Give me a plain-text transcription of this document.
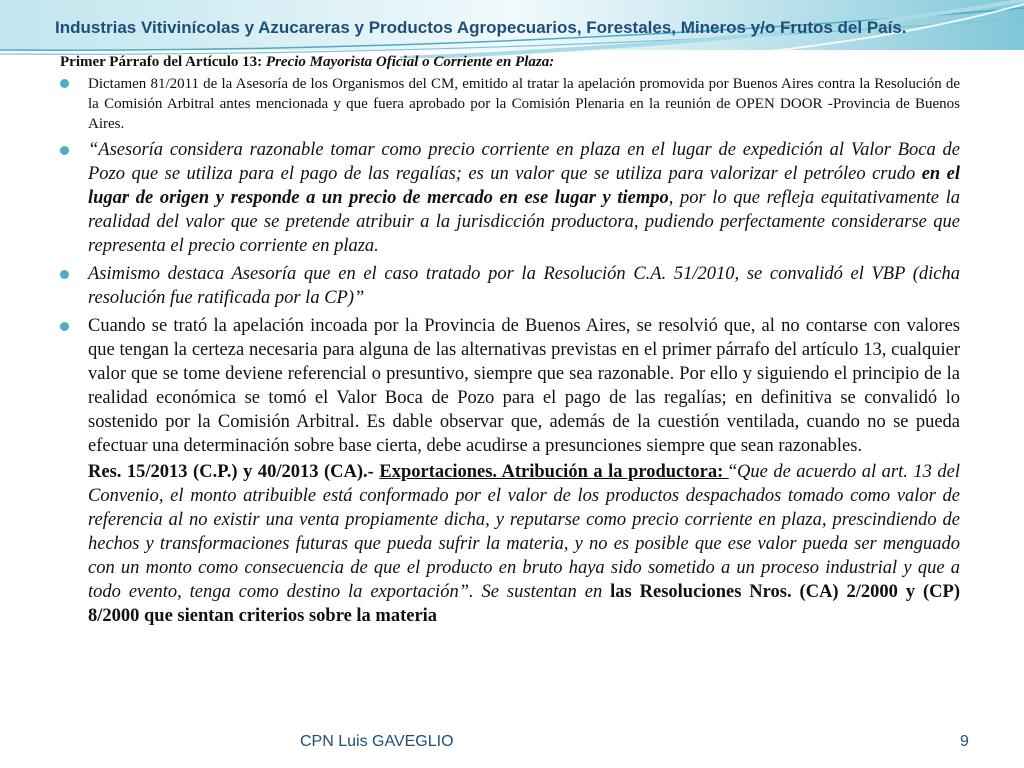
Industrias Vitivinícolas y Azucareras y Productos Agropecuarios, Forestales, Mineros y/o Frutos del País.
Primer Párrafo del Artículo 13: Precio Mayorista Oficial o Corriente en Plaza:
Dictamen 81/2011 de la Asesoría de los Organismos del CM, emitido al tratar la apelación promovida por Buenos Aires contra la Resolución de la Comisión Arbitral antes mencionada y que fuera aprobado por la Comisión Plenaria en la reunión de OPEN DOOR -Provincia de Buenos Aires.
“Asesoría considera razonable tomar como precio corriente en plaza en el lugar de expedición al Valor Boca de Pozo que se utiliza para el pago de las regalías; es un valor que se utiliza para valorizar el petróleo crudo en el lugar de origen y responde a un precio de mercado en ese lugar y tiempo, por lo que refleja equitativamente la realidad del valor que se pretende atribuir a la jurisdicción productora, pudiendo perfectamente considerarse que representa el precio corriente en plaza.
Asimismo destaca Asesoría que en el caso tratado por la Resolución C.A. 51/2010, se convalidó el VBP (dicha resolución fue ratificada por la CP)”
Cuando se trató la apelación incoada por la Provincia de Buenos Aires, se resolvió que, al no contarse con valores que tengan la certeza necesaria para alguna de las alternativas previstas en el primer párrafo del artículo 13, cualquier valor que se tome deviene referencial o presuntivo, siempre que sea razonable. Por ello y siguiendo el principio de la realidad económica se tomó el Valor Boca de Pozo para el pago de las regalías; en definitiva se convalidó lo sostenido por la Comisión Arbitral. Es dable observar que, además de la cuestión ventilada, cuando no se pueda efectuar una determinación sobre base cierta, debe acudirse a presunciones siempre que sean razonables.
Res. 15/2013 (C.P.) y 40/2013 (CA).- Exportaciones. Atribución a la productora: “Que de acuerdo al art. 13 del Convenio, el monto atribuible está conformado por el valor de los productos despachados tomado como valor de referencia al no existir una venta propiamente dicha, y reputarse como precio corriente en plaza, prescindiendo de hechos y transformaciones futuras que pueda sufrir la materia, y no es posible que ese valor pueda ser menguado con un monto como consecuencia de que el producto en bruto haya sido sometido a un proceso industrial y que a todo evento, tenga como destino la exportación”. Se sustentan en las Resoluciones Nros. (CA) 2/2000 y (CP) 8/2000 que sientan criterios sobre la materia
CPN Luis GAVEGLIO	9
